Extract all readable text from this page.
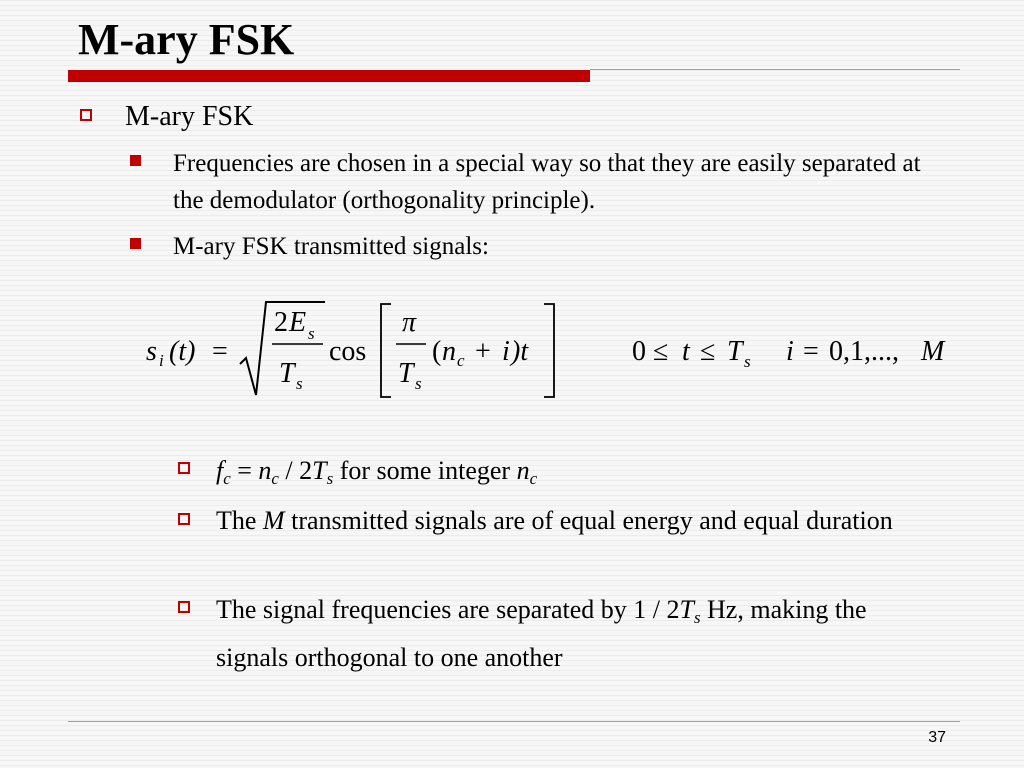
M-ary FSK
M-ary FSK
Frequencies are chosen in a special way so that they are easily separated at the demodulator (orthogonality principle).
M-ary FSK transmitted signals:
s i (t) =
2 E s
T s
cos
π
T s
( n c + i )t	0 ≤ t ≤ T s i = 0,1,..., M
$f_c = n_c / 2T_s$ for some integer $n_c$
The M transmitted signals are of equal energy and equal duration
The signal frequencies are separated by $1 / 2T_s$ Hz, making the signals orthogonal to one another
37
